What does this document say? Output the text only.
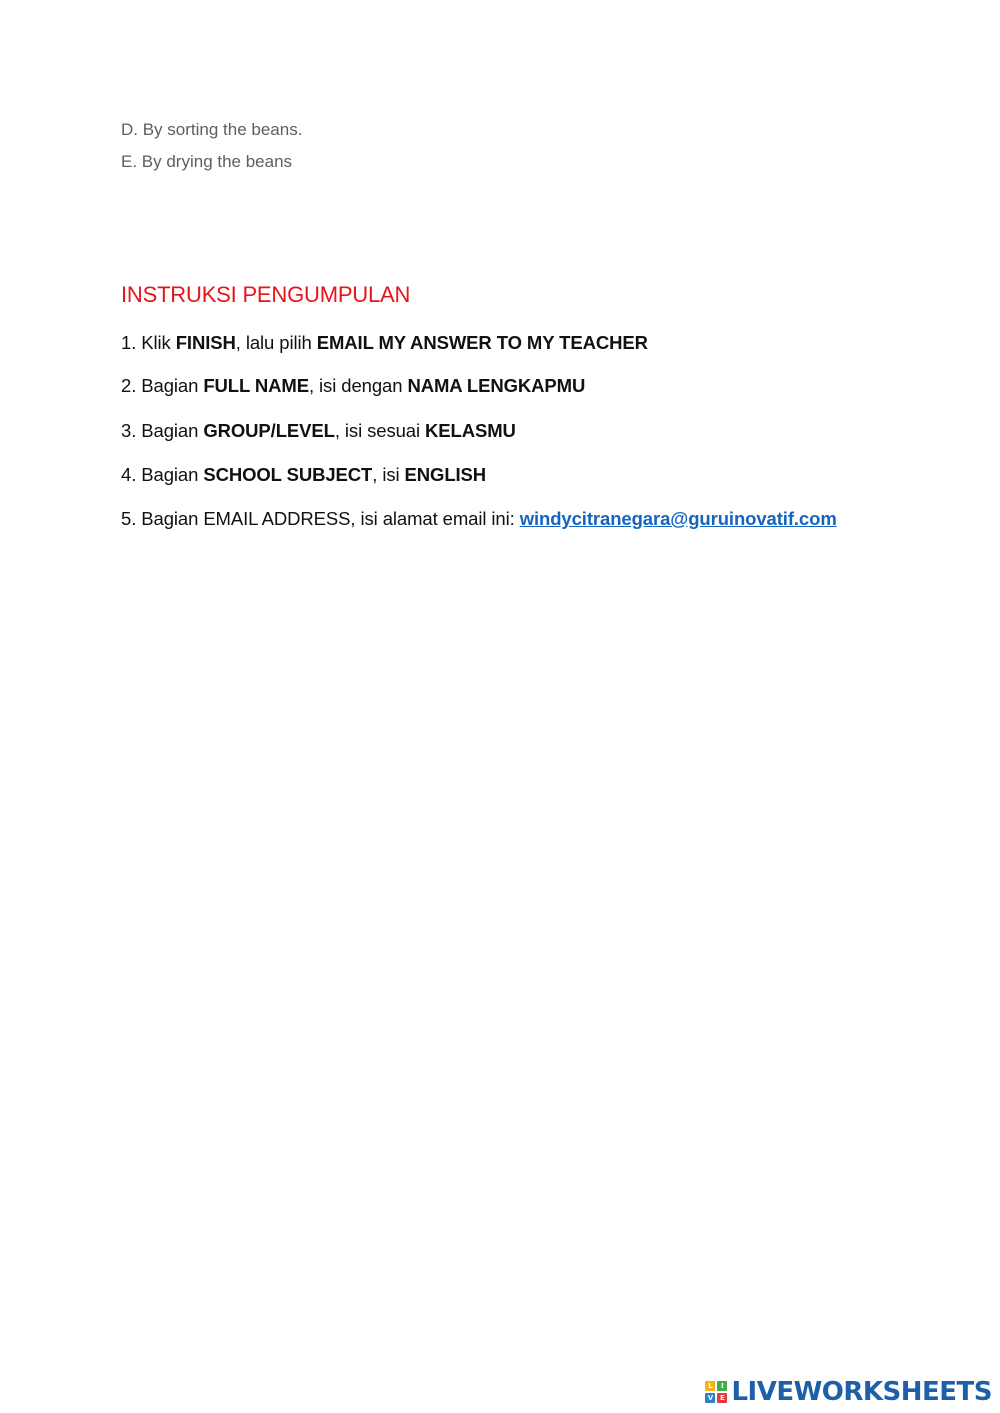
D. By sorting the beans.
E. By drying the beans
INSTRUKSI PENGUMPULAN
1. Klik FINISH, lalu pilih EMAIL MY ANSWER TO MY TEACHER
2. Bagian FULL NAME, isi dengan NAMA LENGKAPMU
3. Bagian GROUP/LEVEL, isi sesuai KELASMU
4. Bagian SCHOOL SUBJECT, isi ENGLISH
5. Bagian EMAIL ADDRESS, isi alamat email ini: windycitranegara@guruinovatif.com
L	I
V E LIVEWORKSHEETS
